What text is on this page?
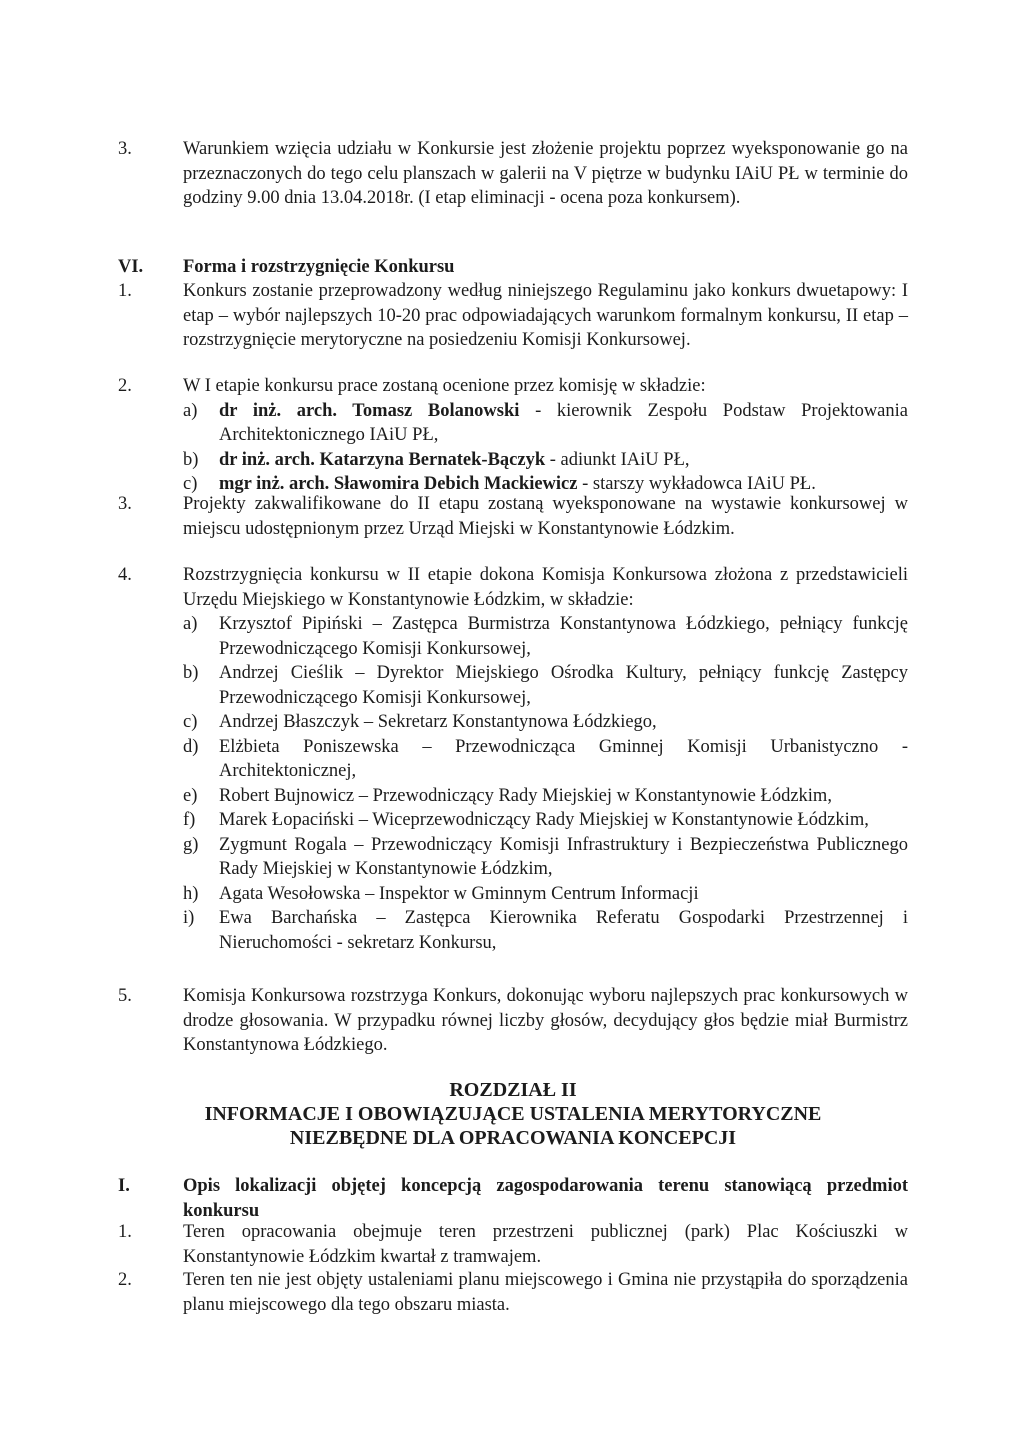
3.	Warunkiem wzięcia udziału w Konkursie jest złożenie projektu poprzez wyeksponowanie go na przeznaczonych do tego celu planszach w galerii na V piętrze w budynku IAiU PŁ w terminie do godziny 9.00 dnia 13.04.2018r. (I etap eliminacji - ocena poza konkursem).
VI. Forma i rozstrzygnięcie Konkursu
1.	Konkurs zostanie przeprowadzony według niniejszego Regulaminu jako konkurs dwuetapowy: I etap – wybór najlepszych 10-20 prac odpowiadających warunkom formalnym konkursu, II etap – rozstrzygnięcie merytoryczne na posiedzeniu Komisji Konkursowej.
2.	W I etapie konkursu prace zostaną ocenione przez komisję w składzie:
a) dr inż. arch. Tomasz Bolanowski - kierownik Zespołu Podstaw Projektowania Architektonicznego IAiU PŁ,
b) dr inż. arch. Katarzyna Bernatek-Bączyk - adiunkt IAiU PŁ,
c) mgr inż. arch. Sławomira Debich Mackiewicz - starszy wykładowca IAiU PŁ.
3.	Projekty zakwalifikowane do II etapu zostaną wyeksponowane na wystawie konkursowej w miejscu udostępnionym przez Urząd Miejski w Konstantynowie Łódzkim.
4.	Rozstrzygnięcia konkursu w II etapie dokona Komisja Konkursowa złożona z przedstawicieli Urzędu Miejskiego w Konstantynowie Łódzkim, w składzie:
a) Krzysztof Pipiński – Zastępca Burmistrza Konstantynowa Łódzkiego, pełniący funkcję Przewodniczącego Komisji Konkursowej,
b) Andrzej Cieślik – Dyrektor Miejskiego Ośrodka Kultury, pełniący funkcję Zastępcy Przewodniczącego Komisji Konkursowej,
c) Andrzej Błaszczyk – Sekretarz Konstantynowa Łódzkiego,
d) Elżbieta Poniszewska – Przewodnicząca Gminnej Komisji Urbanistyczno - Architektonicznej,
e) Robert Bujnowicz – Przewodniczący Rady Miejskiej w Konstantynowie Łódzkim,
f) Marek Łopaciński – Wiceprzewodniczący Rady Miejskiej w Konstantynowie Łódzkim,
g) Zygmunt Rogala – Przewodniczący Komisji Infrastruktury i Bezpieczeństwa Publicznego Rady Miejskiej w Konstantynowie Łódzkim,
h) Agata Wesołowska – Inspektor w Gminnym Centrum Informacji
i) Ewa Barchańska – Zastępca Kierownika Referatu Gospodarki Przestrzennej i Nieruchomości - sekretarz Konkursu,
5.	Komisja Konkursowa rozstrzyga Konkurs, dokonując wyboru najlepszych prac konkursowych w drodze głosowania. W przypadku równej liczby głosów, decydujący głos będzie miał Burmistrz Konstantynowa Łódzkiego.
ROZDZIAŁ II
INFORMACJE I OBOWIĄZUJĄCE USTALENIA MERYTORYCZNE
NIEZBĘDNE DLA OPRACOWANIA KONCEPCJI
I.	Opis lokalizacji objętej koncepcją zagospodarowania terenu stanowiącą przedmiot konkursu
1.	Teren opracowania obejmuje teren przestrzeni publicznej (park) Plac Kościuszki w Konstantynowie Łódzkim kwartał z tramwajem.
2.	Teren ten nie jest objęty ustaleniami planu miejscowego i Gmina nie przystąpiła do sporządzenia planu miejscowego dla tego obszaru miasta.
